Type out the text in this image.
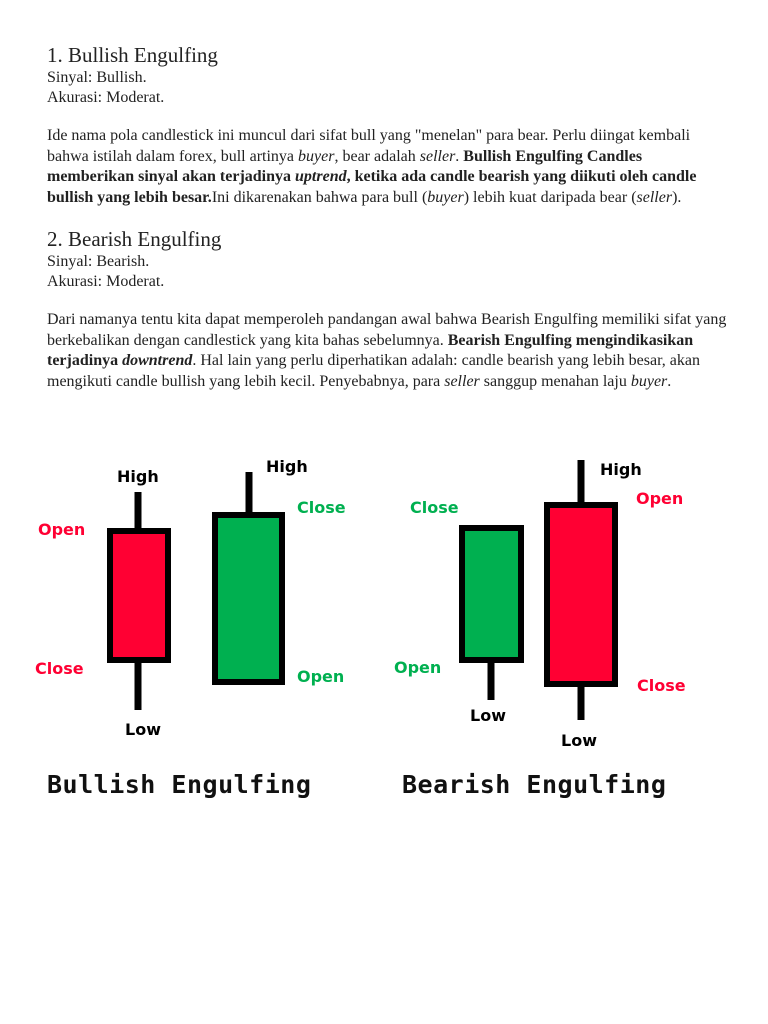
1. Bullish Engulfing
Sinyal: Bullish.
Akurasi: Moderat.

Ide nama pola candlestick ini muncul dari sifat bull yang "menelan" para bear. Perlu diingat kembali bahwa istilah dalam forex, bull artinya buyer, bear adalah seller. Bullish Engulfing Candles memberikan sinyal akan terjadinya uptrend, ketika ada candle bearish yang diikuti oleh candle bullish yang lebih besar.Ini dikarenakan bahwa para bull (buyer) lebih kuat daripada bear (seller).

2. Bearish Engulfing
Sinyal: Bearish.
Akurasi: Moderat.

Dari namanya tentu kita dapat memperoleh pandangan awal bahwa Bearish Engulfing memiliki sifat yang berkebalikan dengan candlestick yang kita bahas sebelumnya. Bearish Engulfing mengindikasikan terjadinya downtrend. Hal lain yang perlu diperhatikan adalah: candle bearish yang lebih besar, akan mengikuti candle bullish yang lebih kecil. Penyebabnya, para seller sanggup menahan laju buyer.

High
Open
Close
Low
High
Close
Open
Close
Open
Low
High
Open
Close
Low
Bullish Engulfing	Bearish Engulfing
